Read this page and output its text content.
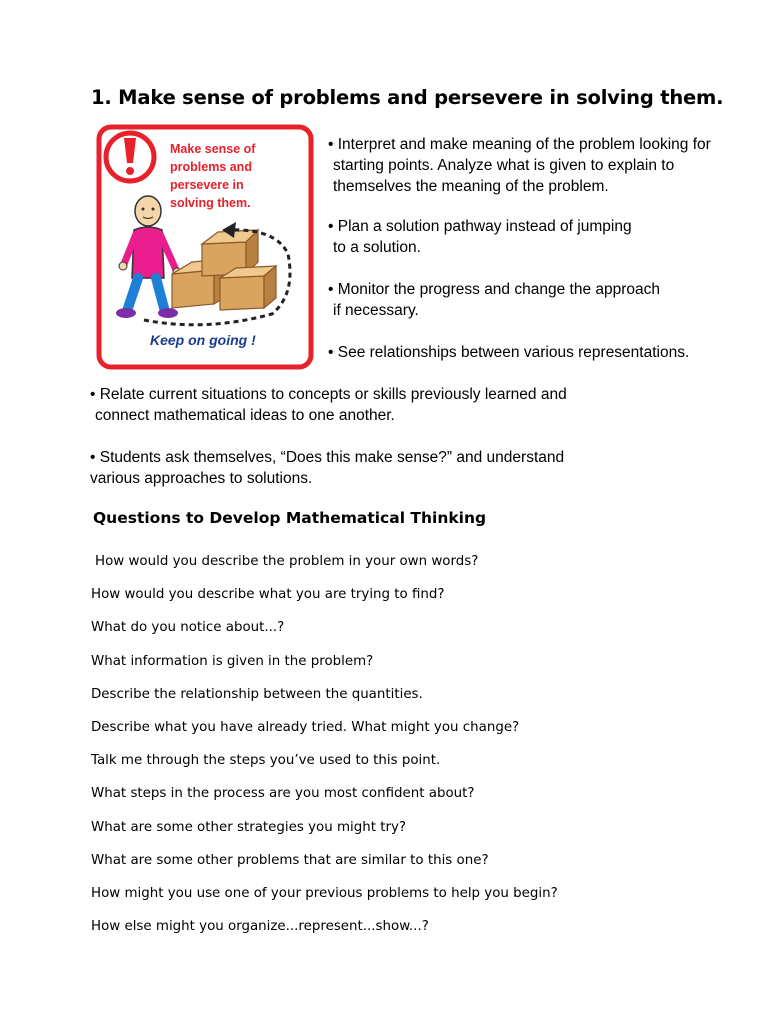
1. Make sense of problems and persevere in solving them.
Make sense of
problems and
persevere in
solving them.
Keep on going !
• Interpret and make meaning of the problem looking for
starting points. Analyze what is given to explain to
themselves the meaning of the problem.
• Plan a solution pathway instead of jumping
to a solution.
• Monitor the progress and change the approach
if necessary.
• See relationships between various representations.
• Relate current situations to concepts or skills previously learned and
connect mathematical ideas to one another.
• Students ask themselves, “Does this make sense?” and understand
various approaches to solutions.
Questions to Develop Mathematical Thinking
How would you describe the problem in your own words?
How would you describe what you are trying to find?
What do you notice about...?
What information is given in the problem?
Describe the relationship between the quantities.
Describe what you have already tried. What might you change?
Talk me through the steps you’ve used to this point.
What steps in the process are you most confident about?
What are some other strategies you might try?
What are some other problems that are similar to this one?
How might you use one of your previous problems to help you begin?
How else might you organize...represent...show...?
